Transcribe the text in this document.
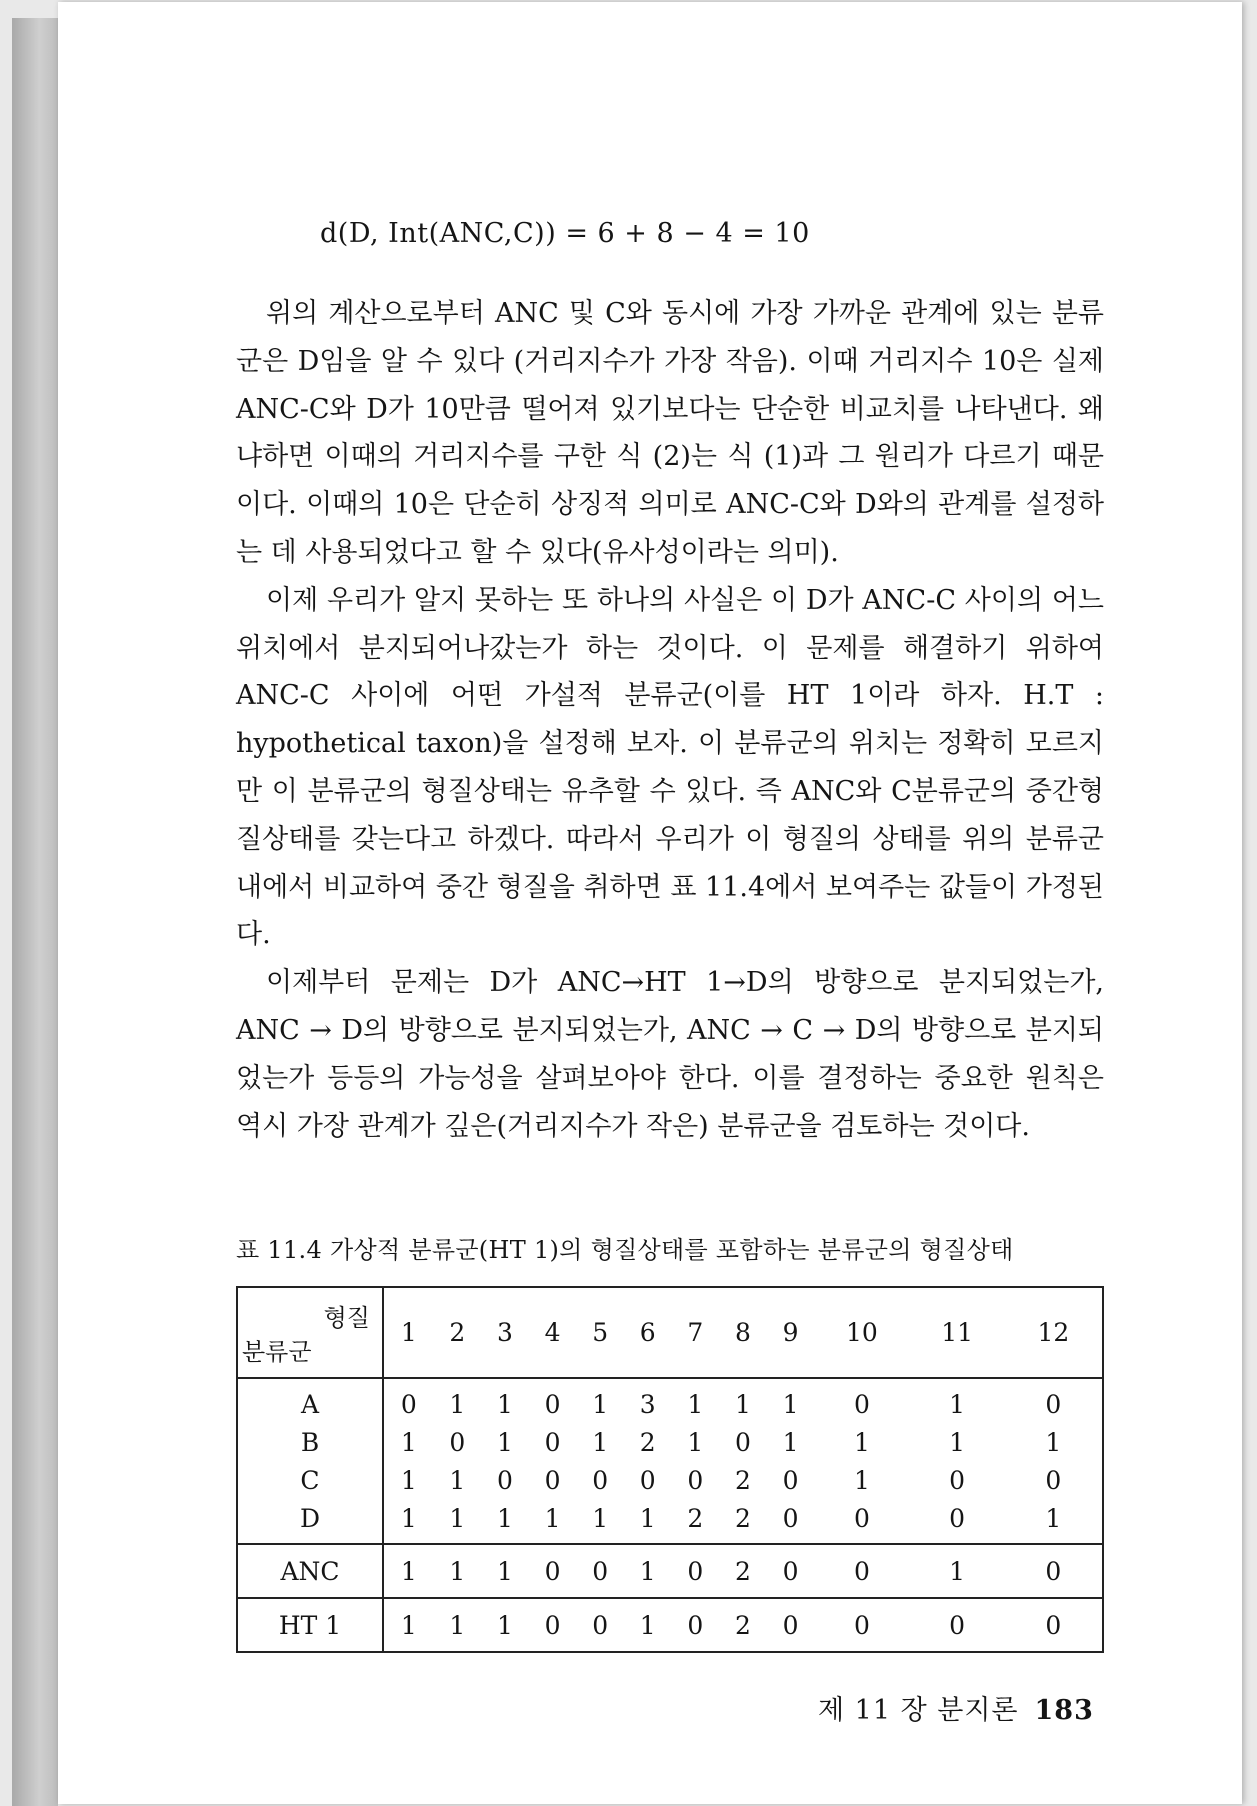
d(D, Int(ANC,C)) = 6 + 8 − 4 = 10

위의 계산으로부터 ANC 및 C와 동시에 가장 가까운 관계에 있는 분류군은 D임을 알 수 있다 (거리지수가 가장 작음). 이때 거리지수 10은 실제 ANC-C와 D가 10만큼 떨어져 있기보다는 단순한 비교치를 나타낸다. 왜냐하면 이때의 거리지수를 구한 식 (2)는 식 (1)과 그 원리가 다르기 때문이다. 이때의 10은 단순히 상징적 의미로 ANC-C와 D와의 관계를 설정하는 데 사용되었다고 할 수 있다(유사성이라는 의미).

이제 우리가 알지 못하는 또 하나의 사실은 이 D가 ANC-C 사이의 어느 위치에서 분지되어나갔는가 하는 것이다. 이 문제를 해결하기 위하여 ANC-C 사이에 어떤 가설적 분류군(이를 HT 1이라 하자. H.T : hypothetical taxon)을 설정해 보자. 이 분류군의 위치는 정확히 모르지만 이 분류군의 형질상태는 유추할 수 있다. 즉 ANC와 C분류군의 중간형질상태를 갖는다고 하겠다. 따라서 우리가 이 형질의 상태를 위의 분류군 내에서 비교하여 중간 형질을 취하면 표 11.4에서 보여주는 값들이 가정된다.

이제부터 문제는 D가 ANC→HT 1→D의 방향으로 분지되었는가, ANC → D의 방향으로 분지되었는가, ANC → C → D의 방향으로 분지되었는가 등등의 가능성을 살펴보아야 한다. 이를 결정하는 중요한 원칙은 역시 가장 관계가 깊은(거리지수가 작은) 분류군을 검토하는 것이다.

표 11.4 가상적 분류군(HT 1)의 형질상태를 포함하는 분류군의 형질상태
형질
분류군	1	2	3	4	5	6	7	8	9	10	11	12
A	0	1	1	0	1	3	1	1	1	0	1	0
B	1	0	1	0	1	2	1	0	1	1	1	1
C	1	1	0	0	0	0	0	2	0	1	0	0
D	1	1	1	1	1	1	2	2	0	0	0	1
ANC	1	1	1	0	0	1	0	2	0	0	1	0
HT 1	1	1	1	0	0	1	0	2	0	0	0	0
제 11 장 분지론 183
